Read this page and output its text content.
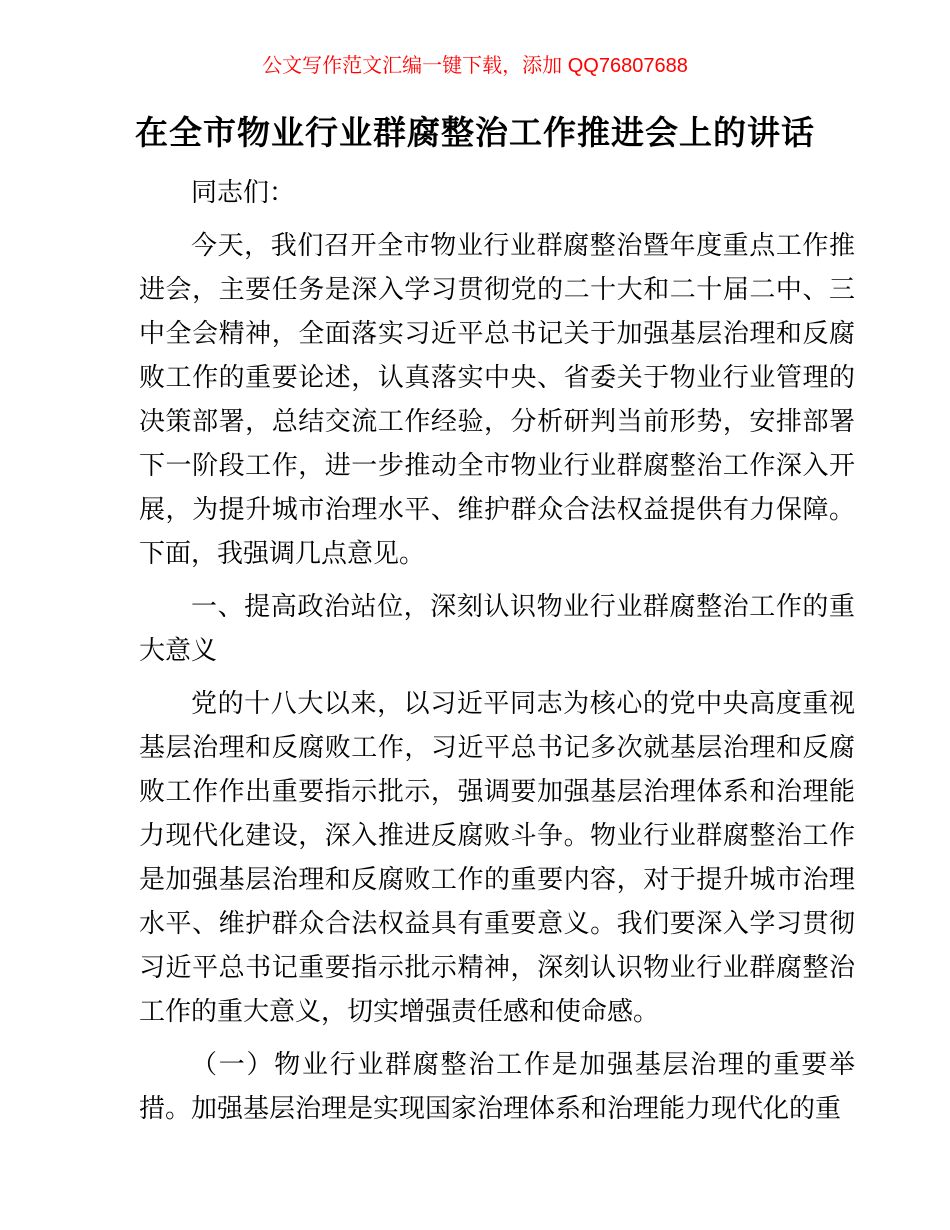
公文写作范文汇编一键下载，添加 QQ76807688
在全市物业行业群腐整治工作推进会上的讲话

同志们：

今天，我们召开全市物业行业群腐整治暨年度重点工作推进会，主要任务是深入学习贯彻党的二十大和二十届二中、三中全会精神，全面落实习近平总书记关于加强基层治理和反腐败工作的重要论述，认真落实中央、省委关于物业行业管理的决策部署，总结交流工作经验，分析研判当前形势，安排部署下一阶段工作，进一步推动全市物业行业群腐整治工作深入开展，为提升城市治理水平、维护群众合法权益提供有力保障。下面，我强调几点意见。

一、提高政治站位，深刻认识物业行业群腐整治工作的重大意义

党的十八大以来，以习近平同志为核心的党中央高度重视基层治理和反腐败工作，习近平总书记多次就基层治理和反腐败工作作出重要指示批示，强调要加强基层治理体系和治理能力现代化建设，深入推进反腐败斗争。物业行业群腐整治工作是加强基层治理和反腐败工作的重要内容，对于提升城市治理水平、维护群众合法权益具有重要意义。我们要深入学习贯彻习近平总书记重要指示批示精神，深刻认识物业行业群腐整治工作的重大意义，切实增强责任感和使命感。

（一）物业行业群腐整治工作是加强基层治理的重要举措。加强基层治理是实现国家治理体系和治理能力现代化的重
